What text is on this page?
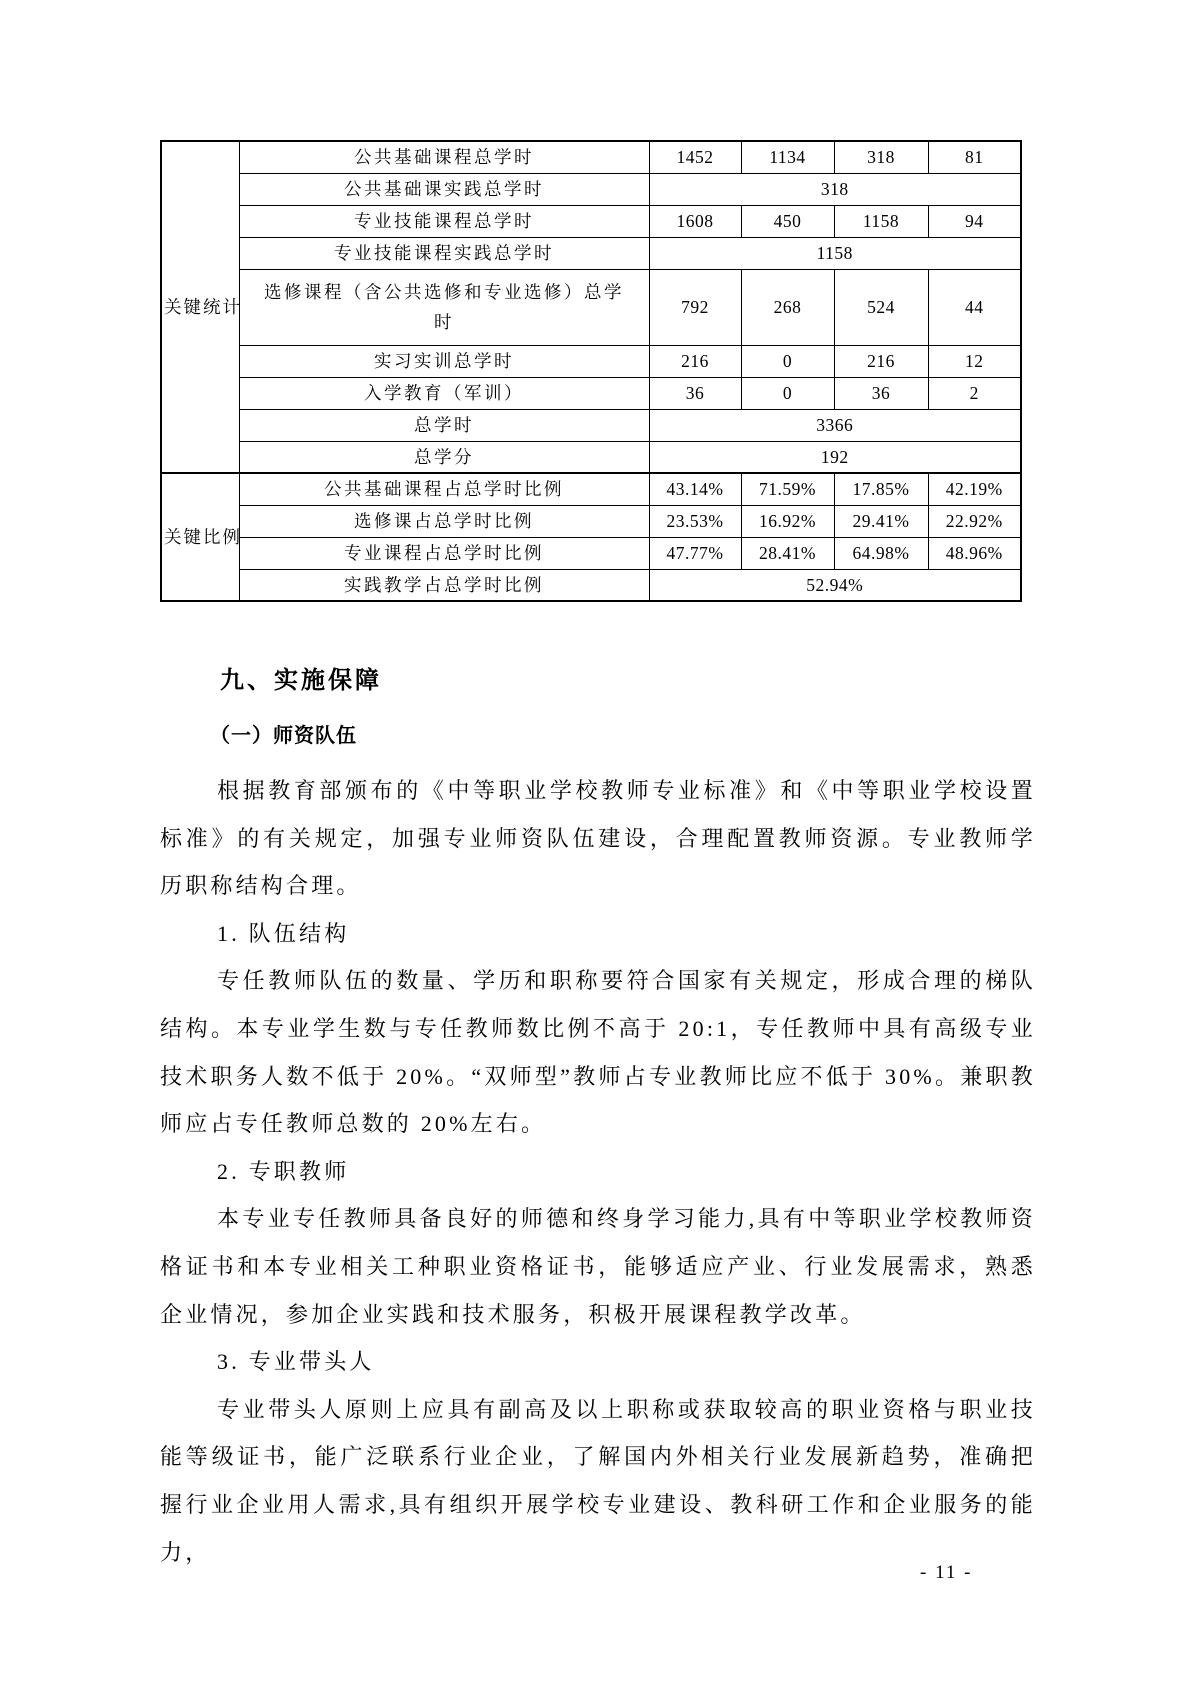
关键统计	公共基础课程总学时	1452	1134	318	81

	公共基础课实践总学时	318			

	专业技能课程总学时	1608	450	1158	94

	专业技能课程实践总学时	1158			

	选修课程（含公共选修和专业选修）总学时	792	268	524	44

	实习实训总学时	216	0	216	12

	入学教育（军训）	36	0	36	2

	总学时	3366			

	总学分	192			
关键比例	公共基础课程占总学时比例	43.14%	71.59%	17.85%	42.19%

	选修课占总学时比例	23.53%	16.92%	29.41%	22.92%

	专业课程占总学时比例	47.77%	28.41%	64.98%	48.96%

	实践教学占总学时比例	52.94%			
九、实施保障
（一）师资队伍

根据教育部颁布的《中等职业学校教师专业标准》和《中等职业学校设置标准》的有关规定，加强专业师资队伍建设，合理配置教师资源。专业教师学历职称结构合理。

1. 队伍结构

专任教师队伍的数量、学历和职称要符合国家有关规定，形成合理的梯队结构。本专业学生数与专任教师数比例不高于 20:1，专任教师中具有高级专业技术职务人数不低于 20%。“双师型”教师占专业教师比应不低于 30%。兼职教师应占专任教师总数的 20%左右。

2. 专职教师

本专业专任教师具备良好的师德和终身学习能力,具有中等职业学校教师资格证书和本专业相关工种职业资格证书，能够适应产业、行业发展需求，熟悉企业情况，参加企业实践和技术服务，积极开展课程教学改革。

3. 专业带头人

专业带头人原则上应具有副高及以上职称或获取较高的职业资格与职业技能等级证书，能广泛联系行业企业，了解国内外相关行业发展新趋势，准确把握行业企业用人需求,具有组织开展学校专业建设、教科研工作和企业服务的能力，

- 11 -
